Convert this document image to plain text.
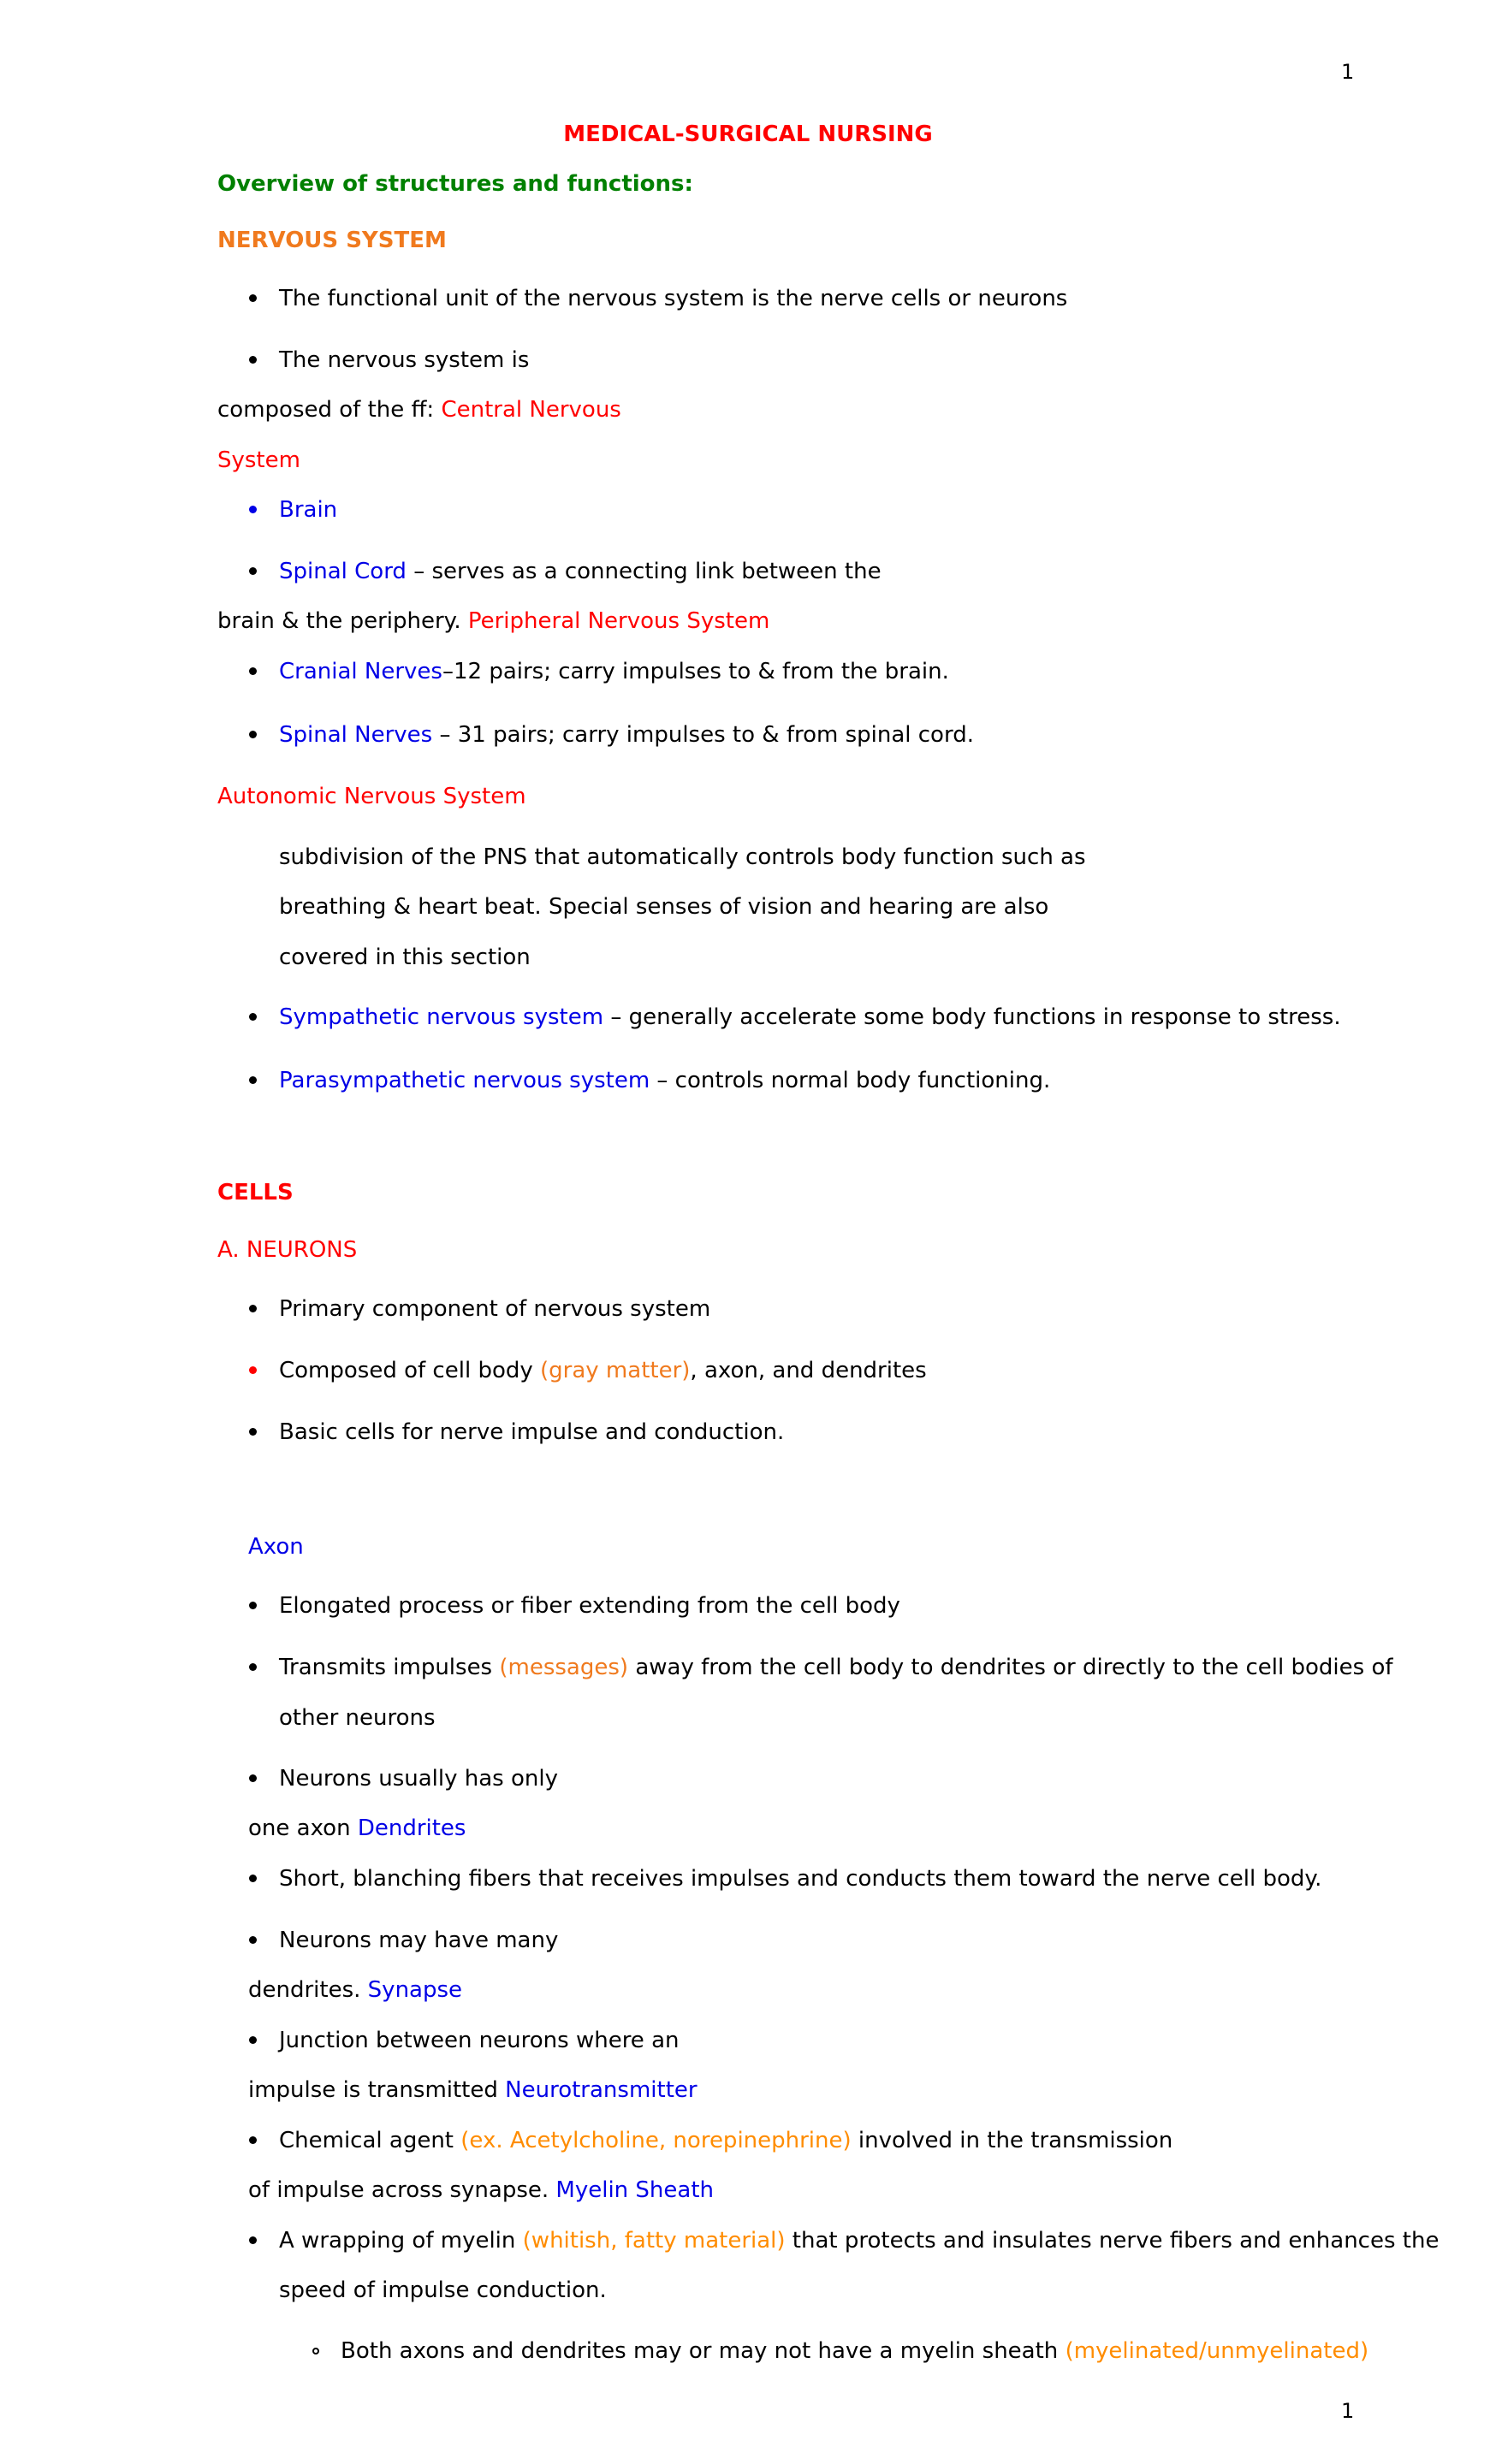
1
MEDICAL-SURGICAL NURSING
Overview of structures and functions:
NERVOUS SYSTEM
The functional unit of the nervous system is the nerve cells or neurons
The nervous system is
composed of the ff: Central Nervous
System
Brain
Spinal Cord – serves as a connecting link between the
brain & the periphery. Peripheral Nervous System
Cranial Nerves–12 pairs; carry impulses to & from the brain.
Spinal Nerves – 31 pairs; carry impulses to & from spinal cord.
Autonomic Nervous System
subdivision of the PNS that automatically controls body function such as
breathing & heart beat. Special senses of vision and hearing are also
covered in this section
Sympathetic nervous system – generally accelerate some body functions in response to stress.
Parasympathetic nervous system – controls normal body functioning.
CELLS
A. NEURONS
Primary component of nervous system
Composed of cell body (gray matter), axon, and dendrites
Basic cells for nerve impulse and conduction.
Axon
Elongated process or fiber extending from the cell body
Transmits impulses (messages) away from the cell body to dendrites or directly to the cell bodies of
other neurons
Neurons usually has only
one axon Dendrites
Short, blanching fibers that receives impulses and conducts them toward the nerve cell body.
Neurons may have many
dendrites. Synapse
Junction between neurons where an
impulse is transmitted Neurotransmitter
Chemical agent (ex. Acetylcholine, norepinephrine) involved in the transmission
of impulse across synapse. Myelin Sheath
A wrapping of myelin (whitish, fatty material) that protects and insulates nerve fibers and enhances the
speed of impulse conduction.
Both axons and dendrites may or may not have a myelin sheath (myelinated/unmyelinated)
1
